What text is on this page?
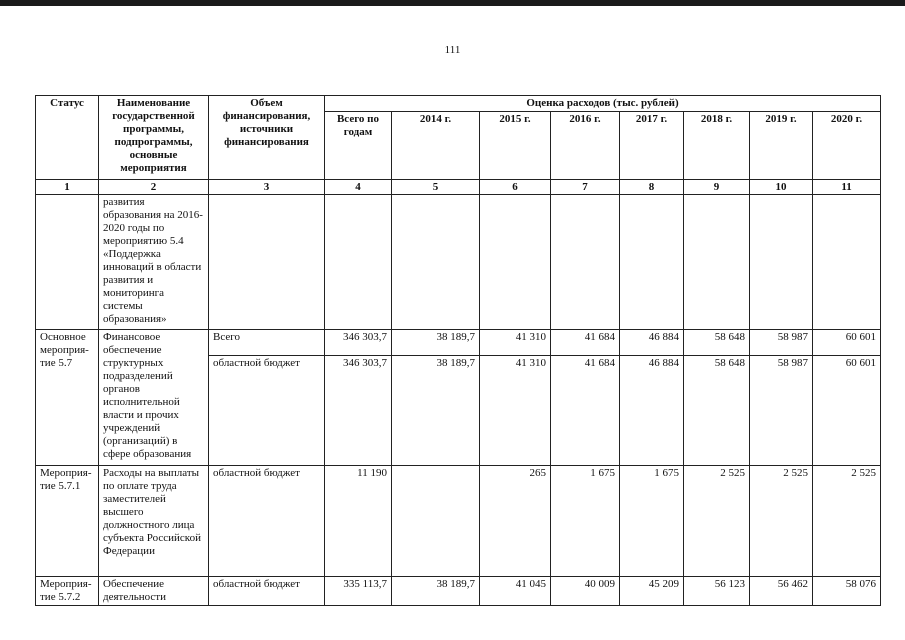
111
Статус	Наименование государственной программы, подпрограммы, основные мероприятия	Объем финансирования, источники финансирования	Оценка расходов (тыс. рублей)							
			Всего по годам	2014 г.	2015 г.	2016 г.	2017 г.	2018 г.	2019 г.	2020 г.
1	2	3	4	5	6	7	8	9	10	11
	развития образования на 2016-2020 годы по мероприятию 5.4 «Поддержка инноваций в области развития и мониторинга системы образования»									
Основное мероприя-тие 5.7	Финансовое обеспечение структурных подразделений органов исполнительной власти и прочих учреждений (организаций) в сфере образования	Всего	346 303,7	38 189,7	41 310	41 684	46 884	58 648	58 987	60 601
		областной бюджет	346 303,7	38 189,7	41 310	41 684	46 884	58 648	58 987	60 601
Мероприя-тие 5.7.1	Расходы на выплаты по оплате труда заместителей высшего должностного лица субъекта Российской Федерации	областной бюджет	11 190		265	1 675	1 675	2 525	2 525	2 525
Мероприя-тие 5.7.2	Обеспечение деятельности	областной бюджет	335 113,7	38 189,7	41 045	40 009	45 209	56 123	56 462	58 076
